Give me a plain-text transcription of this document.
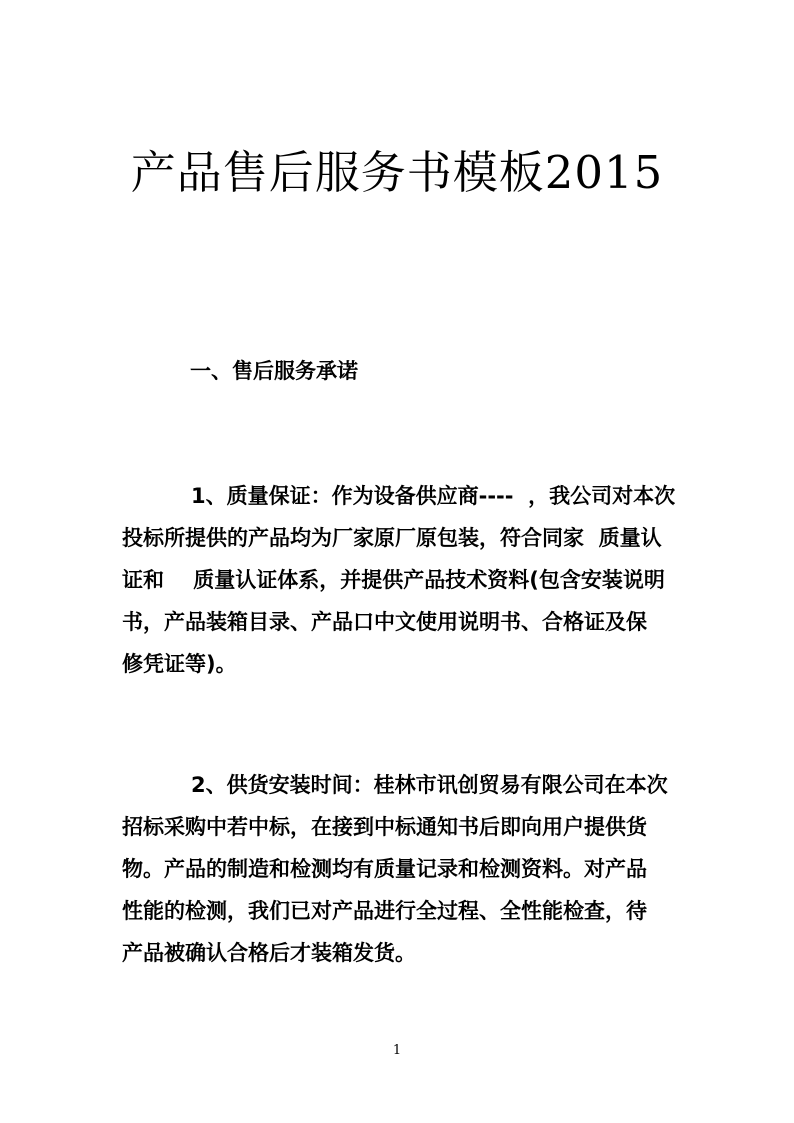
产品售后服务书模板2015
一、售后服务承诺
1、质量保证：作为设备供应商----  ，我公司对本次
投标所提供的产品均为厂家原厂原包装，符合同家  质量认
证和    质量认证体系，并提供产品技术资料(包含安装说明
书，产品装箱目录、产品口中文使用说明书、合格证及保
修凭证等)。
2、供货安装时间：桂林市讯创贸易有限公司在本次
招标采购中若中标，在接到中标通知书后即向用户提供货
物。产品的制造和检测均有质量记录和检测资料。对产品
性能的检测，我们已对产品进行全过程、全性能检查，待
产品被确认合格后才装箱发货。
1
